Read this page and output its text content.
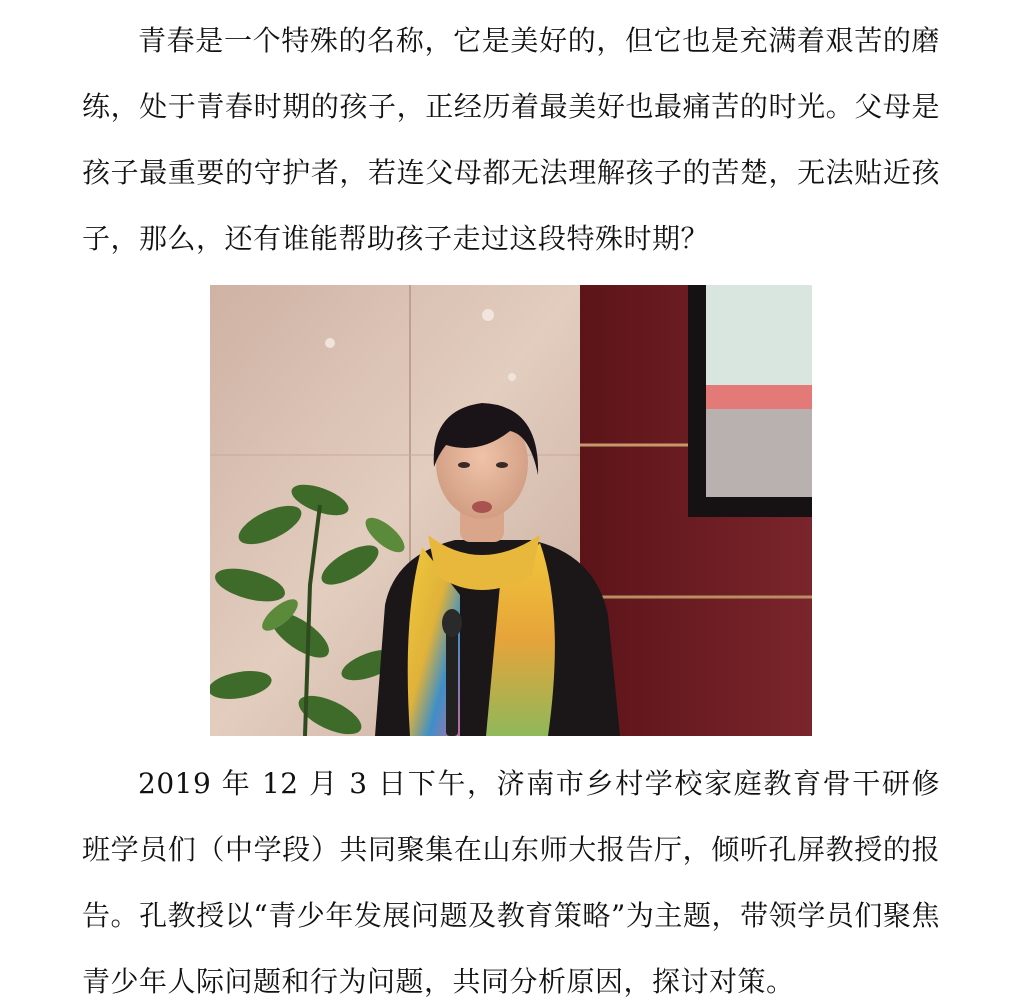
青春是一个特殊的名称，它是美好的，但它也是充满着艰苦的磨练，处于青春时期的孩子，正经历着最美好也最痛苦的时光。父母是孩子最重要的守护者，若连父母都无法理解孩子的苦楚，无法贴近孩子，那么，还有谁能帮助孩子走过这段特殊时期？

2019 年 12 月 3 日下午，济南市乡村学校家庭教育骨干研修班学员们（中学段）共同聚集在山东师大报告厅，倾听孔屏教授的报告。孔教授以“青少年发展问题及教育策略”为主题，带领学员们聚焦青少年人际问题和行为问题，共同分析原因，探讨对策。
